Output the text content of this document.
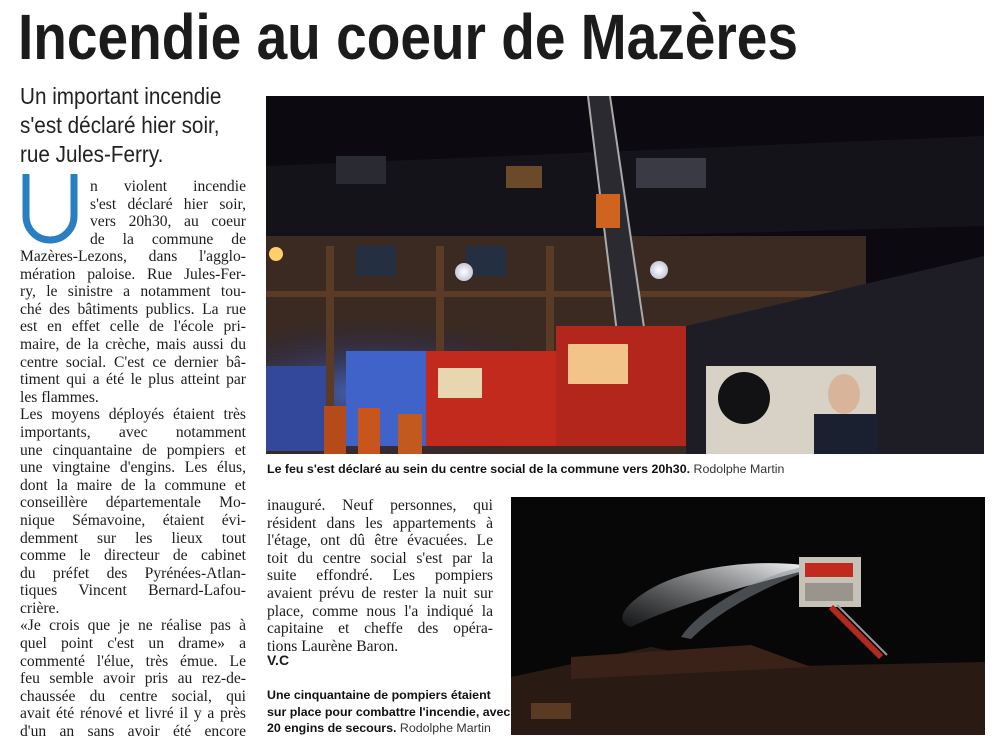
Incendie au coeur de Mazères
Un important incendie
s'est déclaré hier soir,
rue Jules-Ferry.
n violent incendie
s'est déclaré hier soir,
vers 20h30, au coeur
de la commune de
Mazères-Lezons, dans l'agglo-
mération paloise. Rue Jules-Fer-
ry, le sinistre a notamment tou-
ché des bâtiments publics. La rue
est en effet celle de l'école pri-
maire, de la crèche, mais aussi du
centre social. C'est ce dernier bâ-
timent qui a été le plus atteint par
les flammes.
Les moyens déployés étaient très
importants, avec notamment
une cinquantaine de pompiers et
une vingtaine d'engins. Les élus,
dont la maire de la commune et
conseillère départementale Mo-
nique Sémavoine, étaient évi-
demment sur les lieux tout
comme le directeur de cabinet
du préfet des Pyrénées-Atlan-
tiques Vincent Bernard-Lafou-
crière.
«Je crois que je ne réalise pas à
quel point c'est un drame» a
commenté l'élue, très émue. Le
feu semble avoir pris au rez-de-
chaussée du centre social, qui
avait été rénové et livré il y a près
d'un an sans avoir été encore
inauguré. Neuf personnes, qui
résident dans les appartements à
l'étage, ont dû être évacuées. Le
toit du centre social s'est par la
suite effondré. Les pompiers
avaient prévu de rester la nuit sur
place, comme nous l'a indiqué la
capitaine et cheffe des opéra-
tions Laurène Baron.
V.C
Le feu s'est déclaré au sein du centre social de la commune vers 20h30. Rodolphe Martin
Une cinquantaine de pompiers étaient
sur place pour combattre l'incendie, avec
20 engins de secours. Rodolphe Martin
